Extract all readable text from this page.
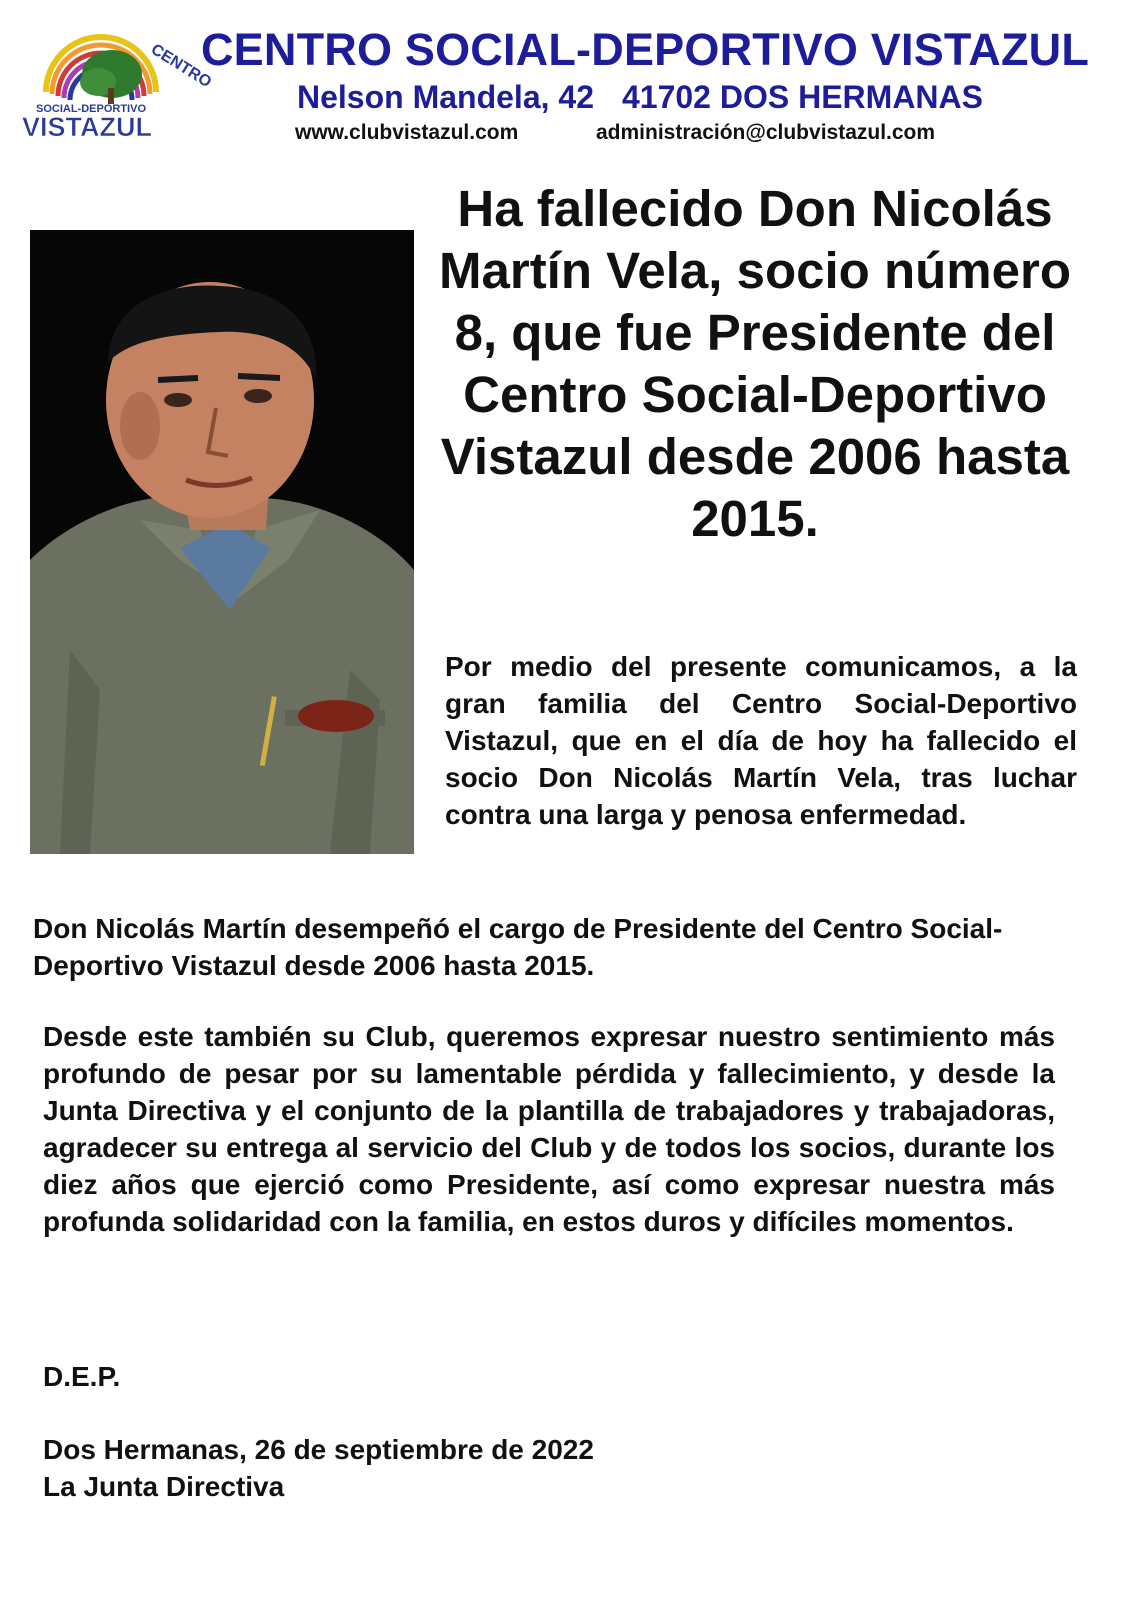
CENTRO
SOCIAL-DEPORTIVO
VISTAZUL
CENTRO SOCIAL-DEPORTIVO VISTAZUL
Nelson Mandela, 42 41702 DOS HERMANAS
www.clubvistazul.com	administración@clubvistazul.com
Ha fallecido Don Nicolás Martín Vela, socio número 8, que fue Presidente del Centro Social-Deportivo Vistazul desde 2006 hasta 2015.

Por medio del presente comunicamos, a la gran familia del Centro Social-Deportivo Vistazul, que en el día de hoy ha fallecido el socio Don Nicolás Martín Vela, tras luchar contra una larga y penosa enfermedad.

Don Nicolás Martín desempeñó el cargo de Presidente del Centro Social- Deportivo Vistazul desde 2006 hasta 2015.

Desde este también su Club, queremos expresar nuestro sentimiento más profundo de pesar por su lamentable pérdida y fallecimiento, y desde la Junta Directiva y el conjunto de la plantilla de trabajadores y trabajadoras, agradecer su entrega al servicio del Club y de todos los socios, durante los diez años que ejerció como Presidente, así como expresar nuestra más profunda solidaridad con la familia, en estos duros y difíciles momentos.

D.E.P.

Dos Hermanas, 26 de septiembre de 2022

La Junta Directiva
